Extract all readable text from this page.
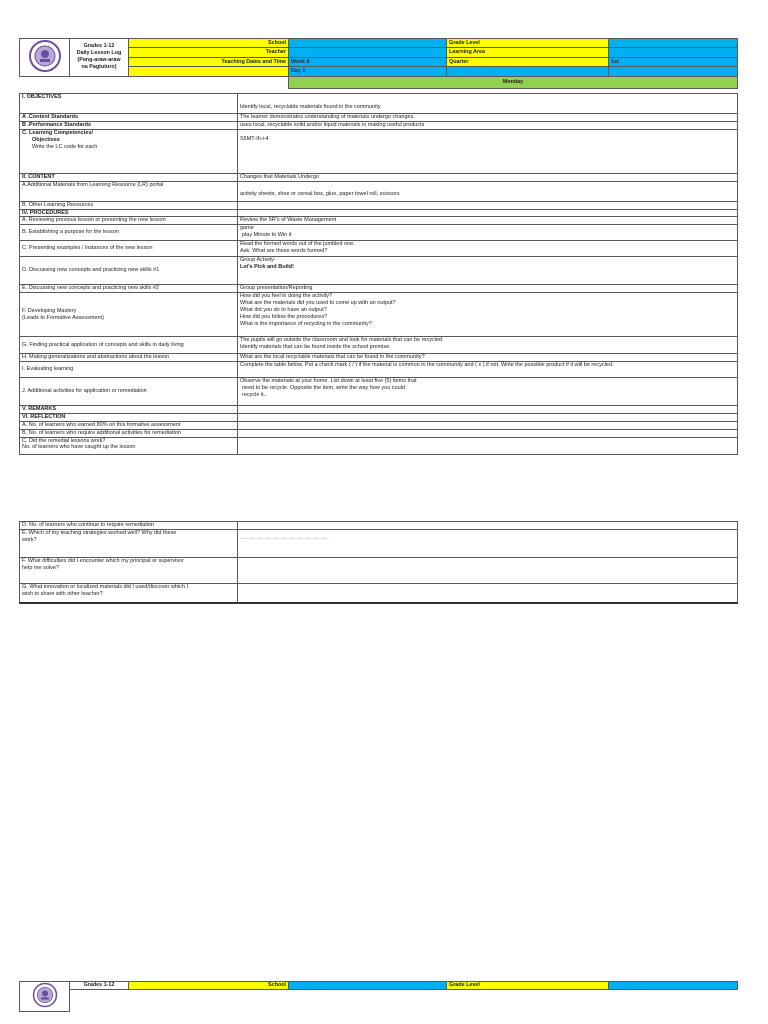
	Grades 1-12
Daily Lesson Log
(Pang-araw-araw
na Pagtuturo)	School		Grade Level	
		Teacher		Learning Area	
		Teaching Dates and Time	Week 8	Quarter	1st
			Day 1		
			Monday		
I. OBJECTIVES	Identify local, recyclable materials found in the community
A .Content Standards	The learner demonstrates understanding of materials undergo changes.
B .Performance Standards	uses local, recyclable solid and/or liquid materials in making useful products
C. Learning Competencies/
Objectives
Write the LC code for each	S5MT-Ih-i-4
II. CONTENT	Changes that Materials Undergo
A.Additional Materials from Learning Resource (LR) portal	activity sheets, shoe or cereal box, glue, paper towel roll, scissors
B. Other Learning Resources	
IV. PROCEDURES	
A. Reviewing previous lesson or presenting the new lesson	Review the 5R's of Waste Management
B. Establishing a purpose for the lesson	game
play Minute to Win it
C. Presenting examples / instances of the new lesson	Read the formed words out of the jumbled one.
Ask: What are those words formed?
D. Discussing new concepts and practicing new skills #1	Group Activity-
Let's Pick and Build!
E. Discussing new concepts and practicing new skills #2	Group presentation/Reporting
F. Developing Mastery
(Leads to Formative Assessment)	How did you feel in doing the activity?
What are the materials did you used to come up with an output?
What did you do to have an output?
How did you follow the procedures?
What is the importance of recycling in the community?
G. Finding practical application of concepts and skills in daily living	The pupils will go outside the classroom and look for materials that can be recycled.
Identify materials that can be found inside the school premise.
H. Making generalizations and abstractions about the lesson	What are the local recyclable materials that can be found in the community?
I. Evaluating learning	Complete the table below. Put a check mark ( / ) if the material is common in the community and ( x ) if not. Write the possible product if it will be recycled.
J. Additional activities for application or remediation	Observe the materials at your home. List down at least five (5) items that
need to be recycle. Opposite the item, write the way how you could
recycle it..
V. REMARKS	
VI. REFLECTION	
A. No. of learners who earned 80% on this formative assessment	
B. No. of learners who require additional activities for remediation	
C. Did the remedial lessons work?
No. of learners who have caught up the lesson	
D. No. of learners who continue to require remediation	
E. Which of my teaching strategies worked well? Why did these
work?	

F. What difficulties did I encounter which my principal or supervisor
help me solve?	
G. What innovation or localized materials did I used/discover which I
wish to share with other teacher?	
	Grades 1-12	School		Grade Level	
